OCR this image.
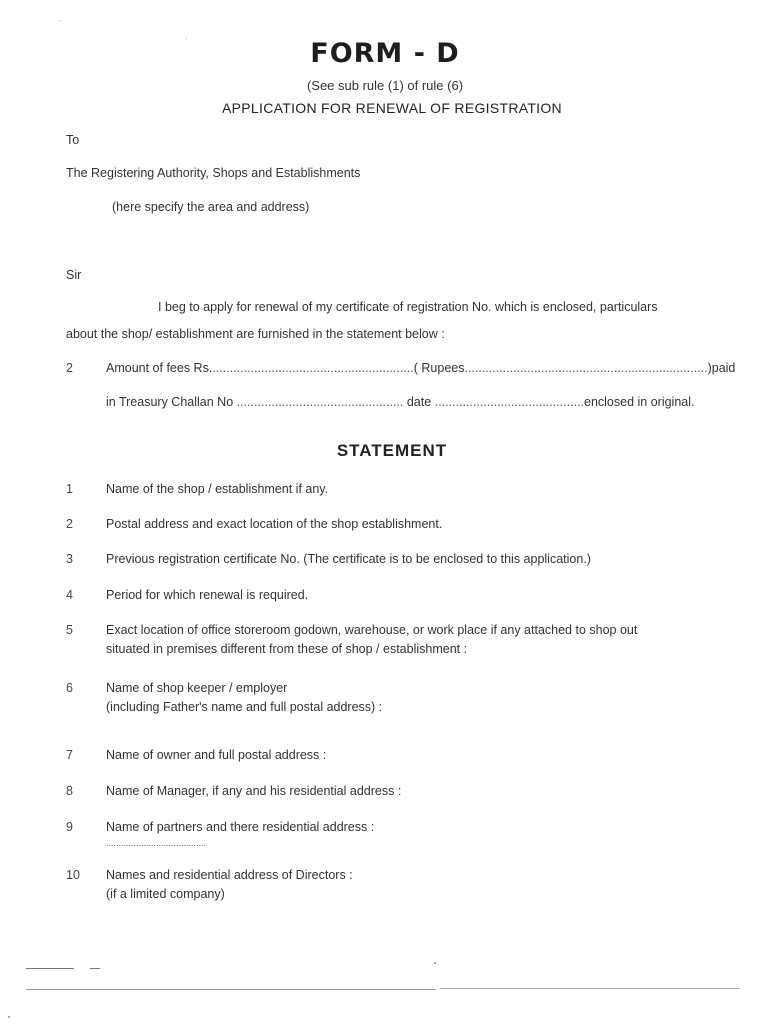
FORM - D
(See sub rule (1) of rule (6)
APPLICATION FOR RENEWAL OF REGISTRATION
To
The Registering Authority, Shops and Establishments
(here specify the area and address)
Sir
I beg to apply for renewal of my certificate of registration No. which is enclosed, particulars
about the shop/ establishment are furnished in the statement below :
2	Amount of fees Rs...........................................................( Rupees......................................................................)paid
in Treasury Challan No ................................................ date ...........................................enclosed in original.
STATEMENT
1	Name of the shop / establishment if any.
2	Postal address and exact location of the shop establishment.
3	Previous registration certificate No. (The certificate is to be enclosed to this application.)
4	Period for which renewal is required.
5	Exact location of office storeroom godown, warehouse, or work place if any attached to shop out
situated in premises different from these of shop / establishment :
6	Name of shop keeper / employer
(including Father's name and full postal address) :
7	Name of owner and full postal address :
8	Name of Manager, if any and his residential address :
9	Name of partners and there residential address :
........................................
10 Names and residential address of Directors :
(if a limited company)
